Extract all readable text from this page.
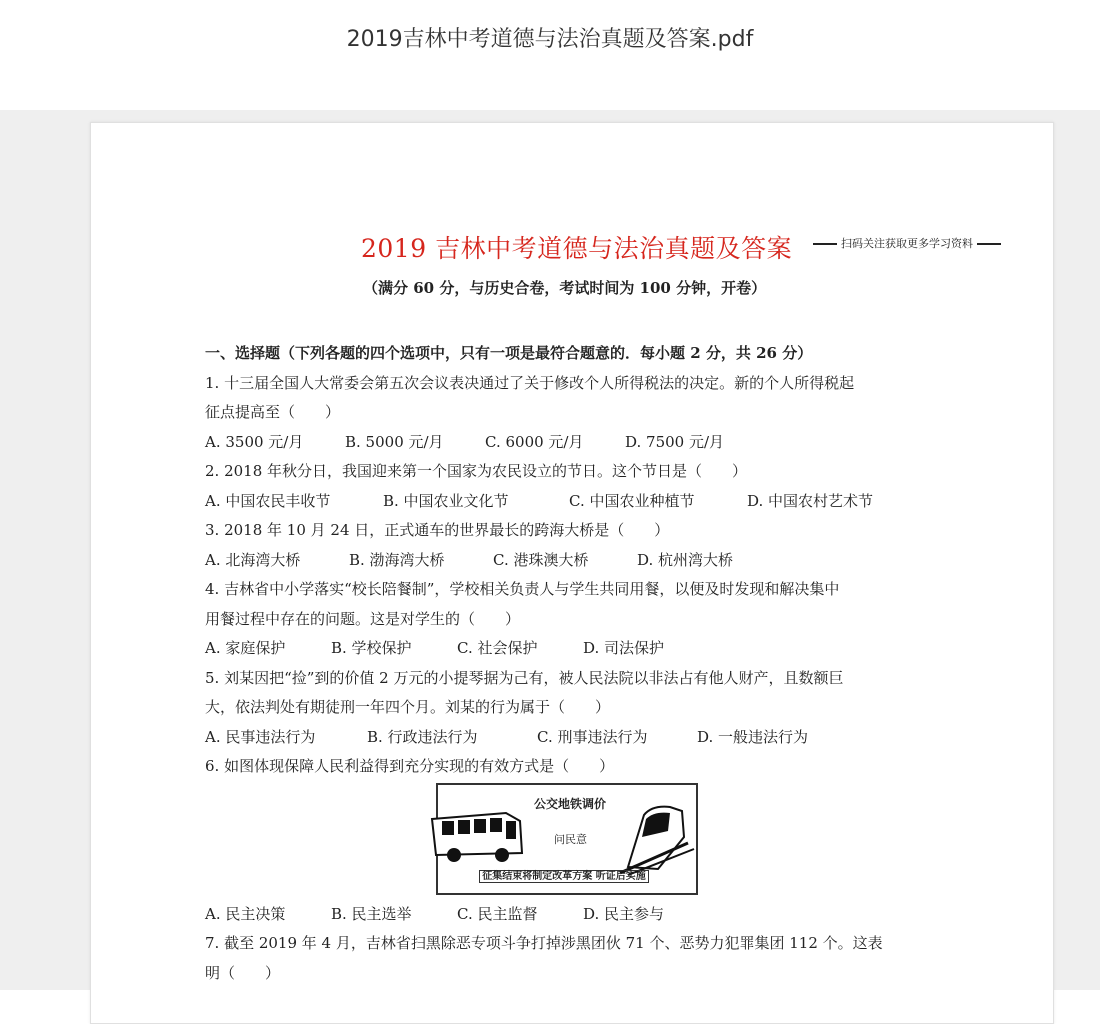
2019吉林中考道德与法治真题及答案.pdf
2019 吉林中考道德与法治真题及答案	扫码关注获取更多学习资料
（满分 60 分，与历史合卷，考试时间为 100 分钟，开卷）
一、选择题（下列各题的四个选项中，只有一项是最符合题意的．每小题 2 分，共 26 分）
1. 十三届全国人大常委会第五次会议表决通过了关于修改个人所得税法的决定。新的个人所得税起
征点提高至（　　）
A. 3500 元/月	B. 5000 元/月	C. 6000 元/月	D. 7500 元/月
2. 2018 年秋分日，我国迎来第一个国家为农民设立的节日。这个节日是（　　）
A. 中国农民丰收节	B. 中国农业文化节	C. 中国农业种植节	D. 中国农村艺术节
3. 2018 年 10 月 24 日，正式通车的世界最长的跨海大桥是（　　）
A. 北海湾大桥	B. 渤海湾大桥	C. 港珠澳大桥	D. 杭州湾大桥
4. 吉林省中小学落实“校长陪餐制”，学校相关负责人与学生共同用餐，以便及时发现和解决集中
用餐过程中存在的问题。这是对学生的（　　）
A. 家庭保护	B. 学校保护	C. 社会保护	D. 司法保护
5. 刘某因把“捡”到的价值 2 万元的小提琴据为己有，被人民法院以非法占有他人财产，且数额巨
大，依法判处有期徒刑一年四个月。刘某的行为属于（　　）
A. 民事违法行为	B. 行政违法行为	C. 刑事违法行为	D. 一般违法行为
6. 如图体现保障人民利益得到充分实现的有效方式是（　　）
A. 民主决策	B. 民主选举	C. 民主监督	D. 民主参与
7. 截至 2019 年 4 月，吉林省扫黑除恶专项斗争打掉涉黑团伙 71 个、恶势力犯罪集团 112 个。这表
明（　　）
公交地铁调价
问民意
征集结束将制定改革方案 听证后实施
